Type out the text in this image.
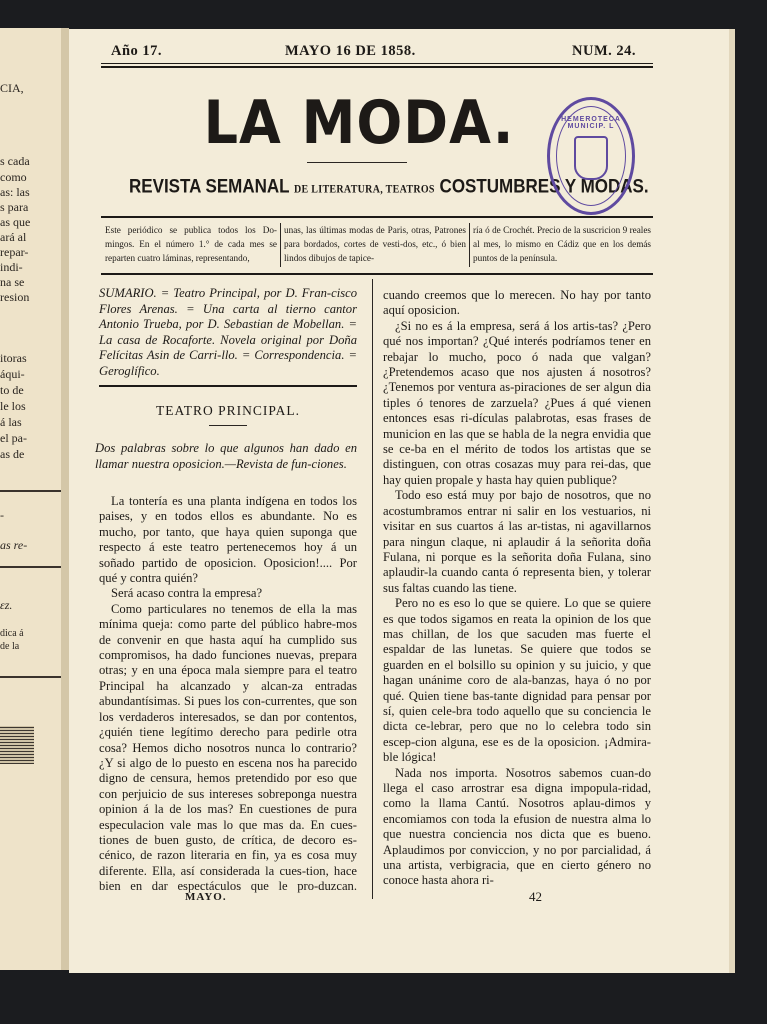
CIA,
s cada
como
as: las
s para
as que
ará al
repar-
indi-
na se
resion
itoras
áqui-
to de
le los
á las
el pa-
as de
-
as re-
ɛz.
dica á
de la
Año 17.	MAYO 16 DE 1858.	NUM. 24.
LA MODA.
REVISTA SEMANAL DE LITERATURA, TEATROS COSTUMBRES Y MODAS.
HEMEROTECA MUNICIP. L
Este periódico se publica todos los Do-mingos. En el número 1.° de cada mes se reparten cuatro láminas, representando,
unas, las últimas modas de Paris, otras, Patrones para bordados, cortes de vesti-dos, etc., ó bien lindos dibujos de tapice-
ría ó de Crochét. Precio de la suscricion 9 reales al mes, lo mismo en Cádiz que en los demás puntos de la península.
SUMARIO. = Teatro Principal, por D. Fran-cisco Flores Arenas. = Una carta al tierno cantor Antonio Trueba, por D. Sebastian de Mobellan. = La casa de Rocaforte. Novela original por Doña Felícitas Asin de Carri-llo. = Correspondencia. = Geroglífico.
TEATRO PRINCIPAL.
Dos palabras sobre lo que algunos han dado en llamar nuestra oposicion.—Revista de fun-ciones.

La tontería es una planta indígena en todos los paises, y en todos ellos es abundante. No es mucho, por tanto, que haya quien suponga que respecto á este teatro pertenecemos hoy á un soñado partido de oposicion. Oposicion!.... Por qué y contra quién?

Será acaso contra la empresa?

Como particulares no tenemos de ella la mas mínima queja: como parte del público habre-mos de convenir en que hasta aquí ha cumplido sus compromisos, ha dado funciones nuevas, prepara otras; y en una época mala siempre para el teatro Principal ha alcanzado y alcan-za entradas abundantísimas. Si pues los con-currentes, que son los verdaderos interesados, se dan por contentos, ¿quién tiene legítimo derecho para pedirle otra cosa? Hemos dicho nosotros nunca lo contrario? ¿Y si algo de lo puesto en escena nos ha parecido digno de censura, hemos pretendido por eso que con perjuicio de sus intereses sobreponga nuestra opinion á la de los mas? En cuestiones de pura especulacion vale mas lo que mas da. En cues-tiones de buen gusto, de crítica, de decoro es-cénico, de razon literaria en fin, ya es cosa muy diferente. Ella, así considerada la cues-tion, hace bien en dar espectáculos que le pro-duzcan.

cuando creemos que lo merecen. No hay por tanto aquí oposicion.

¿Si no es á la empresa, será á los artis-tas? ¿Pero qué nos importan? ¿Qué interés podríamos tener en rebajar lo mucho, poco ó nada que valgan? ¿Pretendemos acaso que nos ajusten á nosotros? ¿Tenemos por ventura as-piraciones de ser algun dia tiples ó tenores de zarzuela? ¿Pues á qué vienen entonces esas ri-dículas palabrotas, esas frases de municion en las que se habla de la negra envidia que se ce-ba en el mérito de todos los artistas que se distinguen, con otras cosazas muy para rei-das, que hay quien propale y hasta hay quien publique?

Todo eso está muy por bajo de nosotros, que no acostumbramos entrar ni salir en los vestuarios, ni visitar en sus cuartos á las ar-tistas, ni agavillarnos para ningun claque, ni aplaudir á la señorita doña Fulana, ni porque es la señorita doña Fulana, sino aplaudir-la cuando canta ó representa bien, y tolerar sus faltas cuando las tiene.

Pero no es eso lo que se quiere. Lo que se quiere es que todos sigamos en reata la opinion de los que mas chillan, de los que sacuden mas fuerte el espaldar de las lunetas. Se quiere que todos se guarden en el bolsillo su opinion y su juicio, y que hagan unánime coro de ala-banzas, haya ó no por qué. Quien tiene bas-tante dignidad para pensar por sí, quien cele-bra todo aquello que su conciencia le dicta ce-lebrar, pero que no lo celebra todo sin escep-cion alguna, ese es de la oposicion. ¡Admira-ble lógica!

Nada nos importa. Nosotros sabemos cuan-do llega el caso arrostrar esa digna impopula-ridad, como la llama Cantú. Nosotros aplau-dimos y encomiamos con toda la efusion de nuestra alma lo que nuestra conciencia nos dicta que es bueno. Aplaudimos por conviccion, y no por parcialidad, á una artista, verbigracia, que en cierto género no conoce hasta ahora ri-

MAYO.	42
